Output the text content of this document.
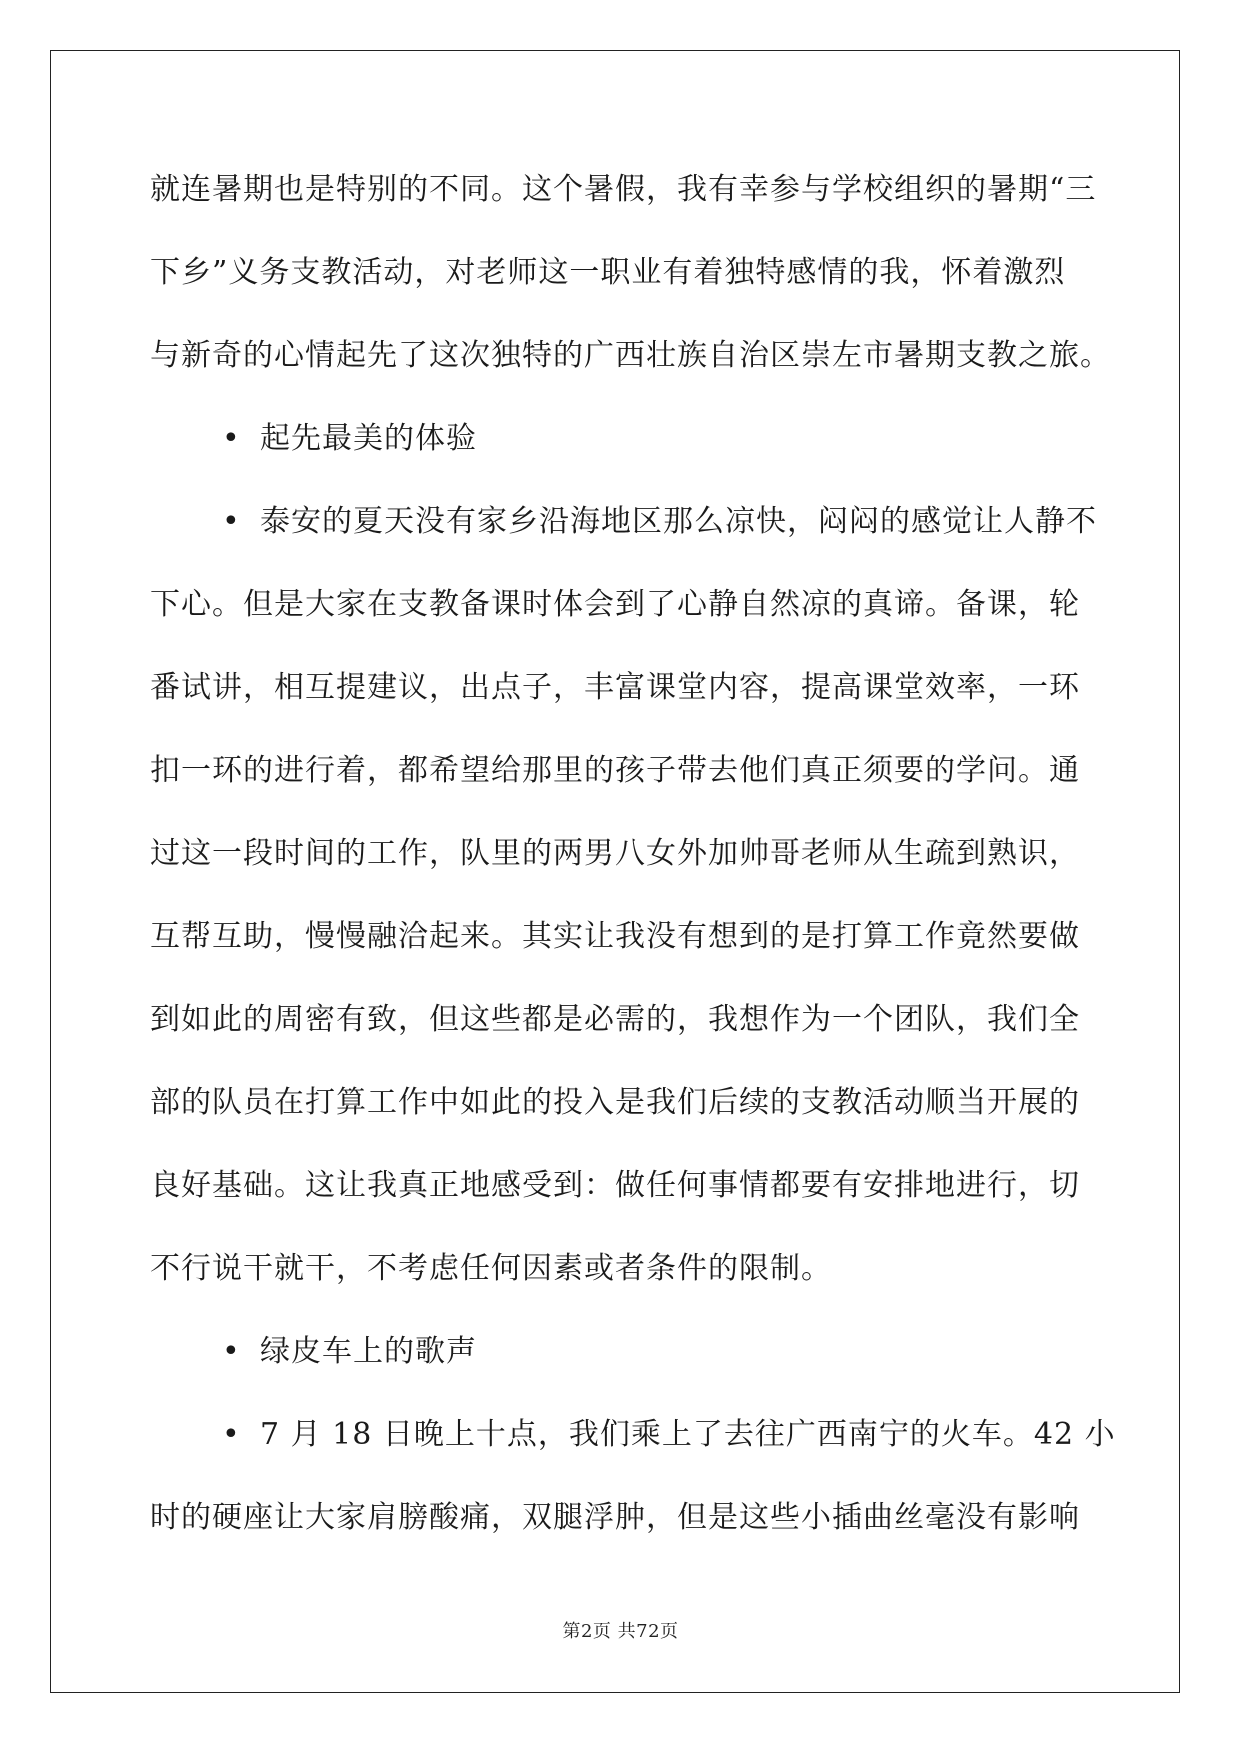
就连暑期也是特别的不同。这个暑假，我有幸参与学校组织的暑期“三

下乡”义务支教活动，对老师这一职业有着独特感情的我，怀着激烈

与新奇的心情起先了这次独特的广西壮族自治区崇左市暑期支教之旅。

• 起先最美的体验

• 泰安的夏天没有家乡沿海地区那么凉快，闷闷的感觉让人静不

下心。但是大家在支教备课时体会到了心静自然凉的真谛。备课，轮

番试讲，相互提建议，出点子，丰富课堂内容，提高课堂效率，一环

扣一环的进行着，都希望给那里的孩子带去他们真正须要的学问。通

过这一段时间的工作，队里的两男八女外加帅哥老师从生疏到熟识，

互帮互助，慢慢融洽起来。其实让我没有想到的是打算工作竟然要做

到如此的周密有致，但这些都是必需的，我想作为一个团队，我们全

部的队员在打算工作中如此的投入是我们后续的支教活动顺当开展的

良好基础。这让我真正地感受到：做任何事情都要有安排地进行，切

不行说干就干，不考虑任何因素或者条件的限制。

• 绿皮车上的歌声

• 7 月 18 日晚上十点，我们乘上了去往广西南宁的火车。42 小

时的硬座让大家肩膀酸痛，双腿浮肿，但是这些小插曲丝毫没有影响

第2页 共72页
